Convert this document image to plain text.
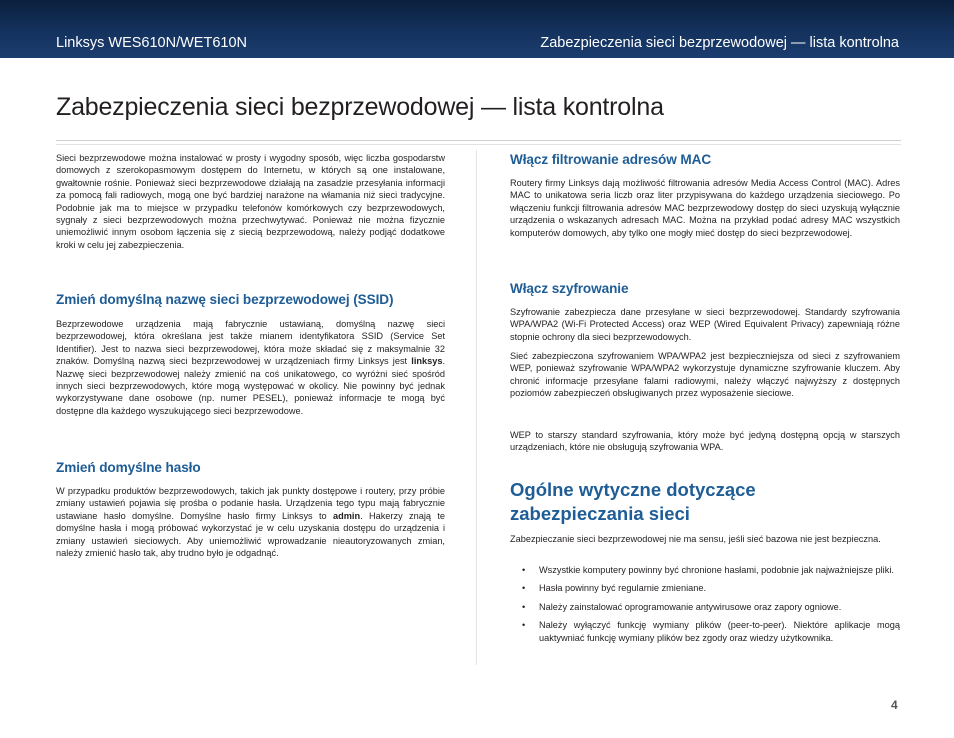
Linksys WES610N/WET610N	Zabezpieczenia sieci bezprzewodowej — lista kontrolna
Zabezpieczenia sieci bezprzewodowej — lista kontrolna

Sieci bezprzewodowe można instalować w prosty i wygodny sposób, więc liczba gospodarstw domowych z szerokopasmowym dostępem do Internetu, w których są one instalowane, gwałtownie rośnie. Ponieważ sieci bezprzewodowe działają na zasadzie przesyłania informacji za pomocą fali radiowych, mogą one być bardziej narażone na włamania niż sieci tradycyjne. Podobnie jak ma to miejsce w przypadku telefonów komórkowych czy bezprzewodowych, sygnały z sieci bezprzewodowych można przechwytywać. Ponieważ nie można fizycznie uniemożliwić innym osobom łączenia się z siecią bezprzewodową, należy podjąć dodatkowe kroki w celu jej zabezpieczenia.

Zmień domyślną nazwę sieci bezprzewodowej (SSID)

Bezprzewodowe urządzenia mają fabrycznie ustawianą, domyślną nazwę sieci bezprzewodowej, która określana jest także mianem identyfikatora SSID (Service Set Identifier). Jest to nazwa sieci bezprzewodowej, która może składać się z maksymalnie 32 znaków. Domyślną nazwą sieci bezprzewodowej w urządzeniach firmy Linksys jest linksys. Nazwę sieci bezprzewodowej należy zmienić na coś unikatowego, co wyróżni sieć spośród innych sieci bezprzewodowych, które mogą występować w okolicy. Nie powinny być jednak wykorzystywane dane osobowe (np. numer PESEL), ponieważ informacje te mogą być dostępne dla każdego wyszukującego sieci bezprzewodowe.

Zmień domyślne hasło

W przypadku produktów bezprzewodowych, takich jak punkty dostępowe i routery, przy próbie zmiany ustawień pojawia się prośba o podanie hasła. Urządzenia tego typu mają fabrycznie ustawiane hasło domyślne. Domyślne hasło firmy Linksys to admin. Hakerzy znają te domyślne hasła i mogą próbować wykorzystać je w celu uzyskania dostępu do urządzenia i zmiany ustawień sieciowych. Aby uniemożliwić wprowadzanie nieautoryzowanych zmian, należy zmienić hasło tak, aby trudno było je odgadnąć.

Włącz filtrowanie adresów MAC

Routery firmy Linksys dają możliwość filtrowania adresów Media Access Control (MAC). Adres MAC to unikatowa seria liczb oraz liter przypisywana do każdego urządzenia sieciowego. Po włączeniu funkcji filtrowania adresów MAC bezprzewodowy dostęp do sieci uzyskują wyłącznie urządzenia o wskazanych adresach MAC. Można na przykład podać adresy MAC wszystkich komputerów domowych, aby tylko one mogły mieć dostęp do sieci bezprzewodowej.

Włącz szyfrowanie

Szyfrowanie zabezpiecza dane przesyłane w sieci bezprzewodowej. Standardy szyfrowania WPA/WPA2 (Wi-Fi Protected Access) oraz WEP (Wired Equivalent Privacy) zapewniają różne stopnie ochrony dla sieci bezprzewodowych.

Sieć zabezpieczona szyfrowaniem WPA/WPA2 jest bezpieczniejsza od sieci z szyfrowaniem WEP, ponieważ szyfrowanie WPA/WPA2 wykorzystuje dynamiczne szyfrowanie kluczem. Aby chronić informacje przesyłane falami radiowymi, należy włączyć najwyższy z dostępnych poziomów zabezpieczeń obsługiwanych przez wyposażenie sieciowe.

WEP to starszy standard szyfrowania, który może być jedyną dostępną opcją w starszych urządzeniach, które nie obsługują szyfrowania WPA.

Ogólne wytyczne dotyczące
zabezpieczania sieci

Zabezpieczanie sieci bezprzewodowej nie ma sensu, jeśli sieć bazowa nie jest bezpieczna.

• Wszystkie komputery powinny być chronione hasłami, podobnie jak najważniejsze pliki.
• Hasła powinny być regularnie zmieniane.
• Należy zainstalować oprogramowanie antywirusowe oraz zapory ogniowe.
• Należy wyłączyć funkcję wymiany plików (peer-to-peer). Niektóre aplikacje mogą uaktywniać funkcję wymiany plików bez zgody oraz wiedzy użytkownika.
4
